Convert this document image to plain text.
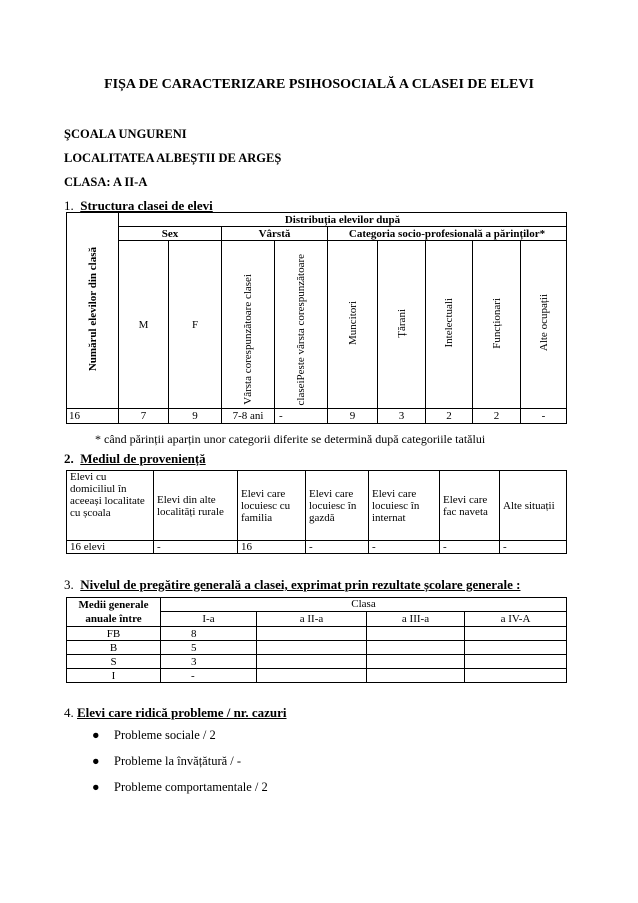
FIȘA DE CARACTERIZARE PSIHOSOCIALĂ A CLASEI DE ELEVI
ŞCOALA UNGURENI
LOCALITATEA ALBEȘTII DE ARGEȘ
CLASA: A II-A
1. Structura clasei de elevi
Numărul elevilor din clasă	Distribuția elevilor după								
	Sex		Vârstă		Categoria socio-profesională a părinților*				
	M	F	Vârsta corespunzătoare clasei	claseiPeste vârsta corespunzătoare	Muncitori	Țărani	Intelectuali	Funcționari	Alte ocupații
16	7	9	7-8 ani	-	9	3	2	2	-
* când părinții aparțin unor categorii diferite se determină după categoriile tatălui
2. Mediul de proveniență
Elevi cu domiciliul în aceeași localitate cu școala	Elevi din alte localități rurale	Elevi care locuiesc cu familia	Elevi care locuiesc în gazdă	Elevi care locuiesc în internat	Elevi care fac naveta	Alte situații
16 elevi	-	16	-	-	-	-
3. Nivelul de pregătire generală a clasei, exprimat prin rezultate școlare generale :
Medii generale anuale între	Clasa			
	I-a	a II-a	a III-a	a IV-A
FB	8			
B	5			
S	3			
I	-			
4. Elevi care ridică probleme / nr. cazuri
● Probleme sociale / 2
● Probleme la învățătură / -
● Probleme comportamentale / 2
